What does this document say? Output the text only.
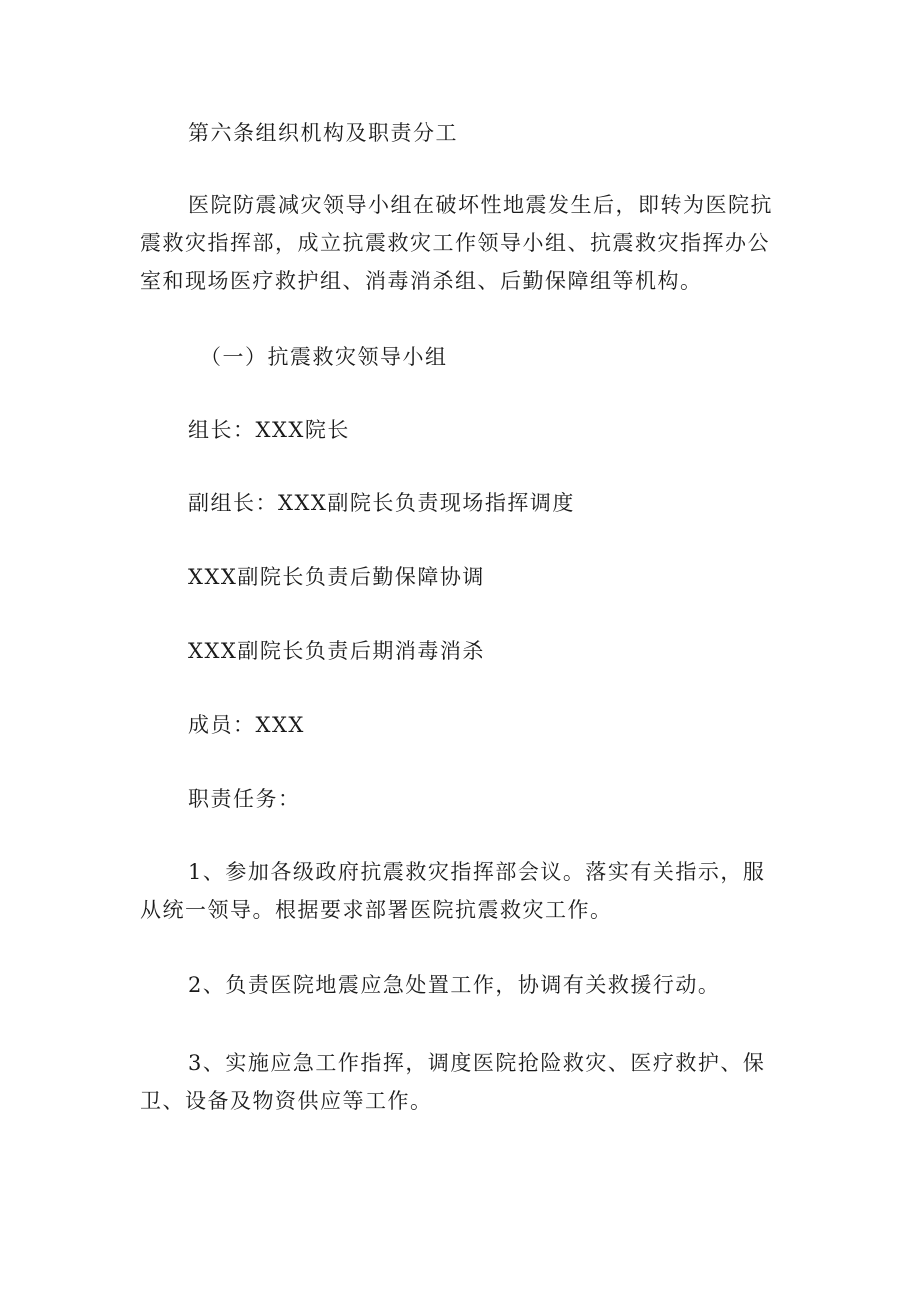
第六条组织机构及职责分工

医院防震减灾领导小组在破坏性地震发生后，即转为医院抗
震救灾指挥部，成立抗震救灾工作领导小组、抗震救灾指挥办公
室和现场医疗救护组、消毒消杀组、后勤保障组等机构。

（一）抗震救灾领导小组

组长：XXX院长

副组长：XXX副院长负责现场指挥调度

XXX副院长负责后勤保障协调

XXX副院长负责后期消毒消杀

成员：XXX

职责任务：

1、参加各级政府抗震救灾指挥部会议。落实有关指示，服
从统一领导。根据要求部署医院抗震救灾工作。

2、负责医院地震应急处置工作，协调有关救援行动。

3、实施应急工作指挥，调度医院抢险救灾、医疗救护、保
卫、设备及物资供应等工作。
